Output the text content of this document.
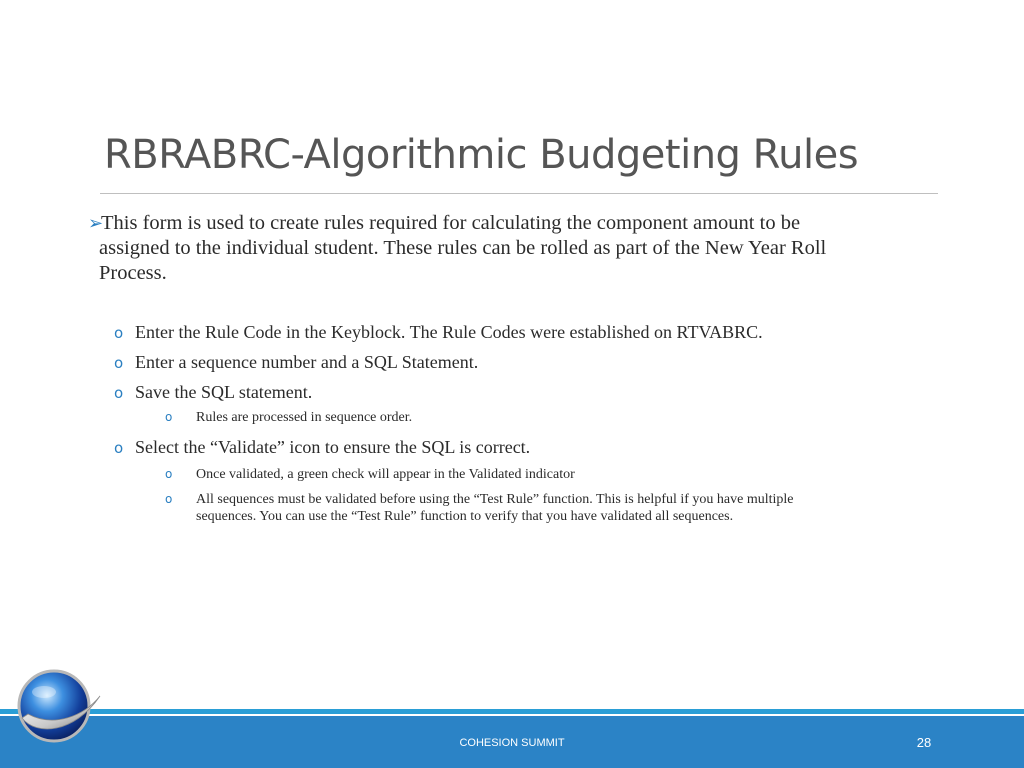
RBRABRC-Algorithmic Budgeting Rules
➢
This form is used to create rules required for calculating the component amount to be
assigned to the individual student. These rules can be rolled as part of the New Year Roll
Process.
o Enter the Rule Code in the Keyblock. The Rule Codes were established on RTVABRC.
o Enter a sequence number and a SQL Statement.
o Save the SQL statement.
o Rules are processed in sequence order.
o Select the “Validate” icon to ensure the SQL is correct.
o Once validated, a green check will appear in the Validated indicator
o All sequences must be validated before using the “Test Rule” function. This is helpful if you have multiple
sequences. You can use the “Test Rule” function to verify that you have validated all sequences.
COHESION SUMMIT	28
